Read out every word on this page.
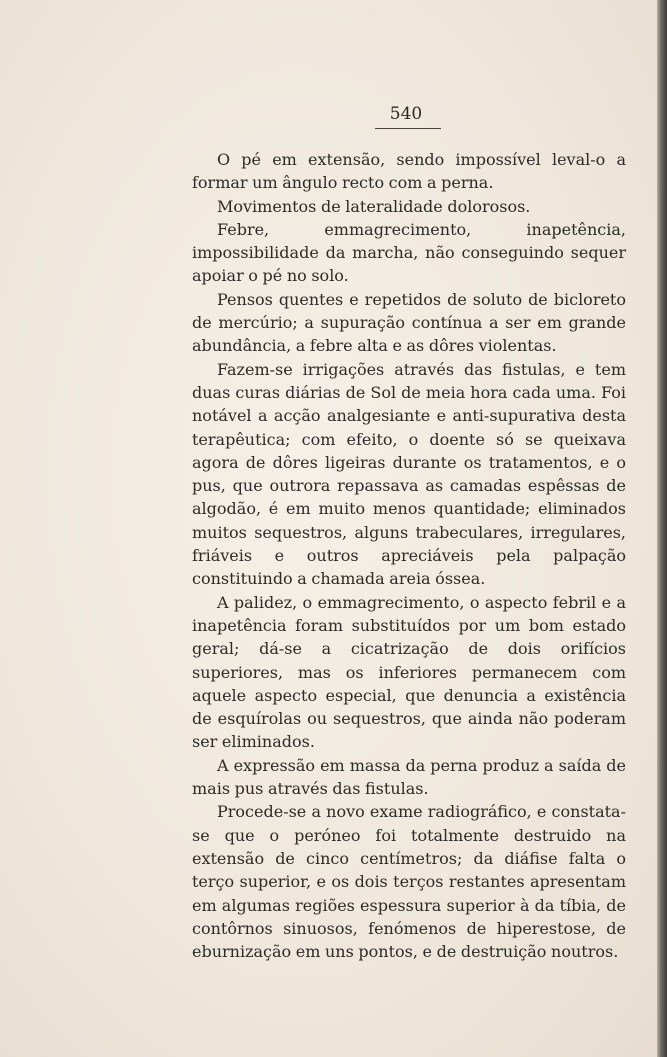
540

O pé em extensão, sendo impossível leval-o a formar um ângulo recto com a perna.

Movimentos de lateralidade dolorosos.

Febre, emmagrecimento, inapetência, impossibilidade da marcha, não conseguindo sequer apoiar o pé no solo.

Pensos quentes e repetidos de soluto de bicloreto de mercúrio; a supuração contínua a ser em grande abundância, a febre alta e as dôres violentas.

Fazem-se irrigações através das fistulas, e tem duas curas diárias de Sol de meia hora cada uma. Foi notável a acção analgesiante e anti-supurativa desta terapêutica; com efeito, o doente só se queixava agora de dôres ligeiras durante os tratamentos, e o pus, que outrora repassava as camadas espêssas de algodão, é em muito menos quantidade; eliminados muitos sequestros, alguns trabeculares, irregulares, friáveis e outros apreciáveis pela palpação constituindo a chamada areia óssea.

A palidez, o emmagrecimento, o aspecto febril e a inapetência foram substituídos por um bom estado geral; dá-se a cicatrização de dois orifícios superiores, mas os inferiores permanecem com aquele aspecto especial, que denuncia a existência de esquírolas ou sequestros, que ainda não poderam ser eliminados.

A expressão em massa da perna produz a saída de mais pus através das fistulas.

Procede-se a novo exame radiográfico, e constata-se que o peróneo foi totalmente destruido na extensão de cinco centímetros; da diáfise falta o terço superior, e os dois terços restantes apresentam em algumas regiões espessura superior à da tíbia, de contôrnos sinuosos, fenómenos de hiperestose, de eburnização em uns pontos, e de destruição noutros.
